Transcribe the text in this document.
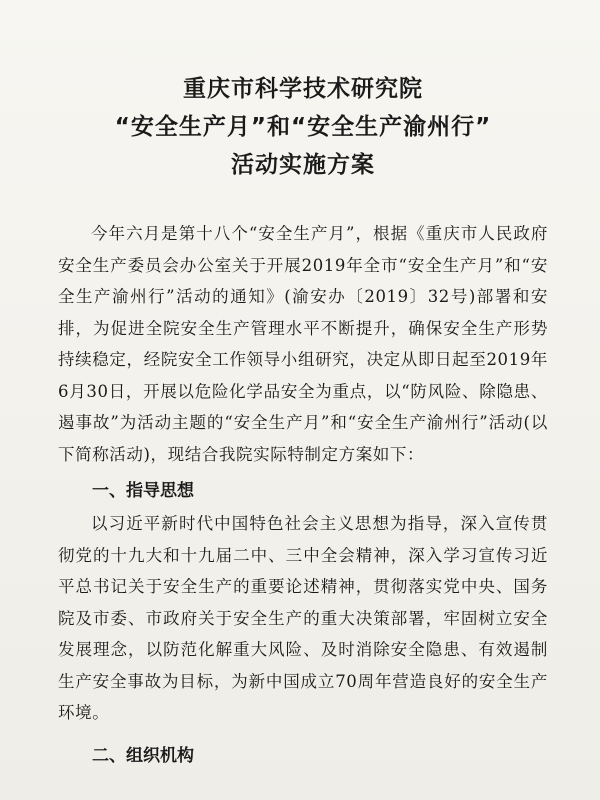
重庆市科学技术研究院

“安全生产月”和“安全生产渝州行”

活动实施方案

今年六月是第十八个“安全生产月”，根据《重庆市人民政府安全生产委员会办公室关于开展2019年全市“安全生产月”和“安全生产渝州行”活动的通知》(渝安办〔2019〕32号)部署和安排，为促进全院安全生产管理水平不断提升，确保安全生产形势持续稳定，经院安全工作领导小组研究，决定从即日起至2019年6月30日，开展以危险化学品安全为重点，以“防风险、除隐患、遏事故”为活动主题的“安全生产月”和“安全生产渝州行”活动(以下简称活动)，现结合我院实际特制定方案如下：

一、指导思想

以习近平新时代中国特色社会主义思想为指导，深入宣传贯彻党的十九大和十九届二中、三中全会精神，深入学习宣传习近平总书记关于安全生产的重要论述精神，贯彻落实党中央、国务院及市委、市政府关于安全生产的重大决策部署，牢固树立安全发展理念，以防范化解重大风险、及时消除安全隐患、有效遏制生产安全事故为目标，为新中国成立70周年营造良好的安全生产环境。

二、组织机构
